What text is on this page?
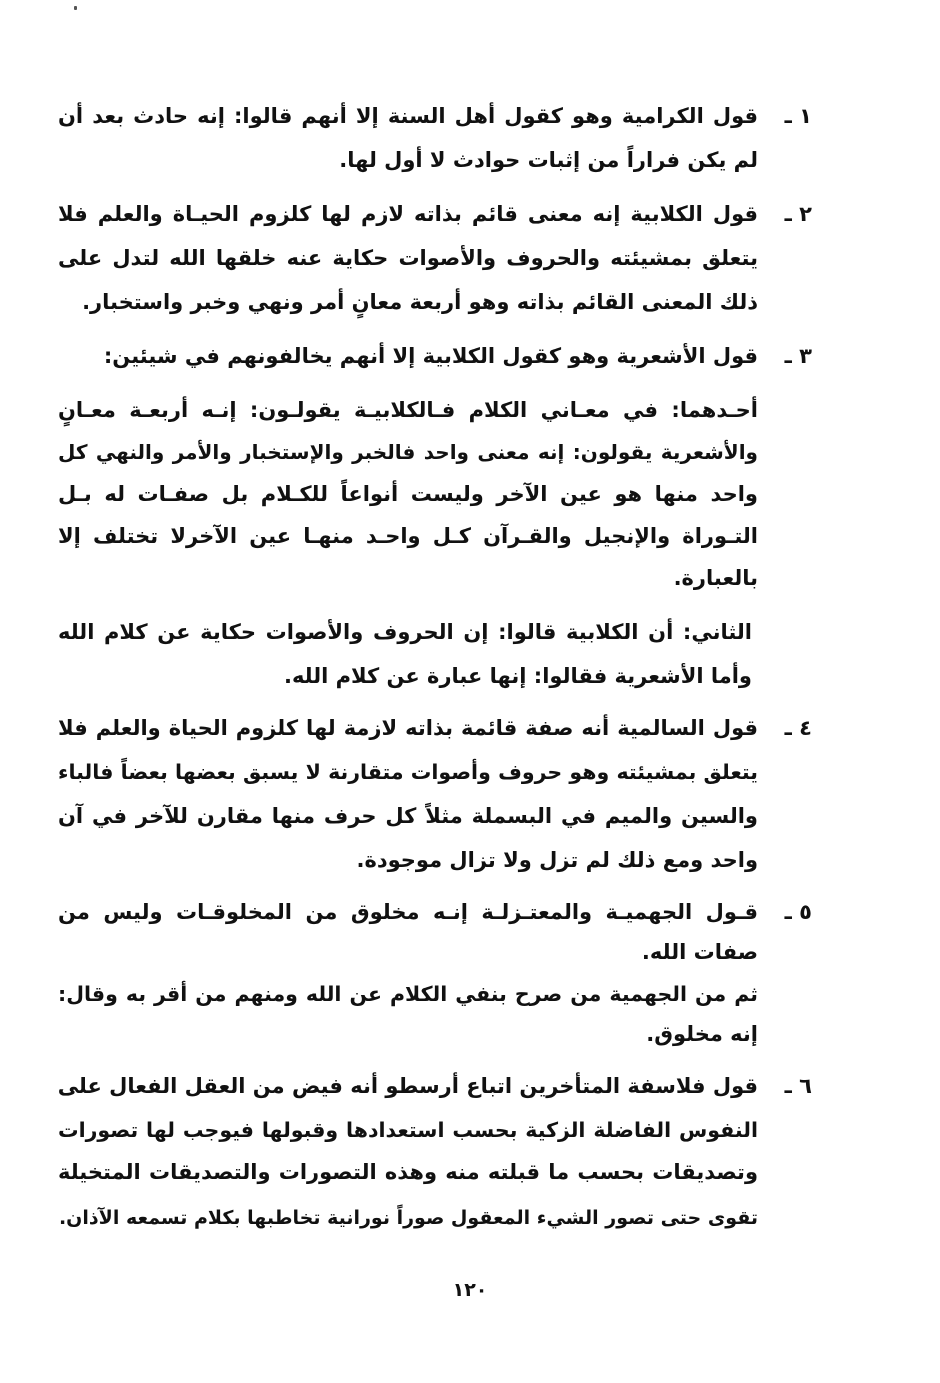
١ ـ
قول الكرامية وهو كقول أهل السنة إلا أنهم قالوا: إنه حادث بعد أن
لم يكن فراراً من إثبات حوادث لا أول لها.
٢ ـ
قول الكلابية إنه معنى قائم بذاته لازم لها كلزوم الحيـاة والعلم فلا
يتعلق بمشيئته والحروف والأصوات حكاية عنه خلقها الله لتدل على
ذلك المعنى القائم بذاته وهو أربعة معانٍ أمر ونهي وخبر واستخبار.
٣ ـ
قول الأشعرية وهو كقول الكلابية إلا أنهم يخالفونهم في شيئين:
أحـدهما: في معـاني الكلام فـالكلابيـة يقولـون: إنـه أربعـة معـانٍ
والأشعرية يقولون: إنه معنى واحد فالخبر والإستخبار والأمر والنهي كل
واحد منها هو عين الآخر وليست أنواعاً للكـلام بل صفـات له بـل
التـوراة والإنجيل والقـرآن كـل واحـد منهـا عين الآخرلا تختلف إلا
بالعبارة.
الثاني: أن الكلابية قالوا: إن الحروف والأصوات حكاية عن كلام الله
وأما الأشعرية فقالوا: إنها عبارة عن كلام الله.
٤ ـ
قول السالمية أنه صفة قائمة بذاته لازمة لها كلزوم الحياة والعلم فلا
يتعلق بمشيئته وهو حروف وأصوات متقارنة لا يسبق بعضها بعضاً فالباء
والسين والميم في البسملة مثلاً كل حرف منها مقارن للآخر في آن
واحد ومع ذلك لم تزل ولا تزال موجودة.
٥ ـ
قـول الجهميـة والمعتـزلـة إنـه مخلوق من المخلوقـات وليس من
صفات الله.
ثم من الجهمية من صرح بنفي الكلام عن الله ومنهم من أقر به وقال:
إنه مخلوق.
٦ ـ
قول فلاسفة المتأخرين اتباع أرسطو أنه فيض من العقل الفعال على
النفوس الفاضلة الزكية بحسب استعدادها وقبولها فيوجب لها تصورات
وتصديقات بحسب ما قبلته منه وهذه التصورات والتصديقات المتخيلة
تقوى حتى تصور الشيء المعقول صوراً نورانية تخاطبها بكلام تسمعه الآذان.
١٢٠
